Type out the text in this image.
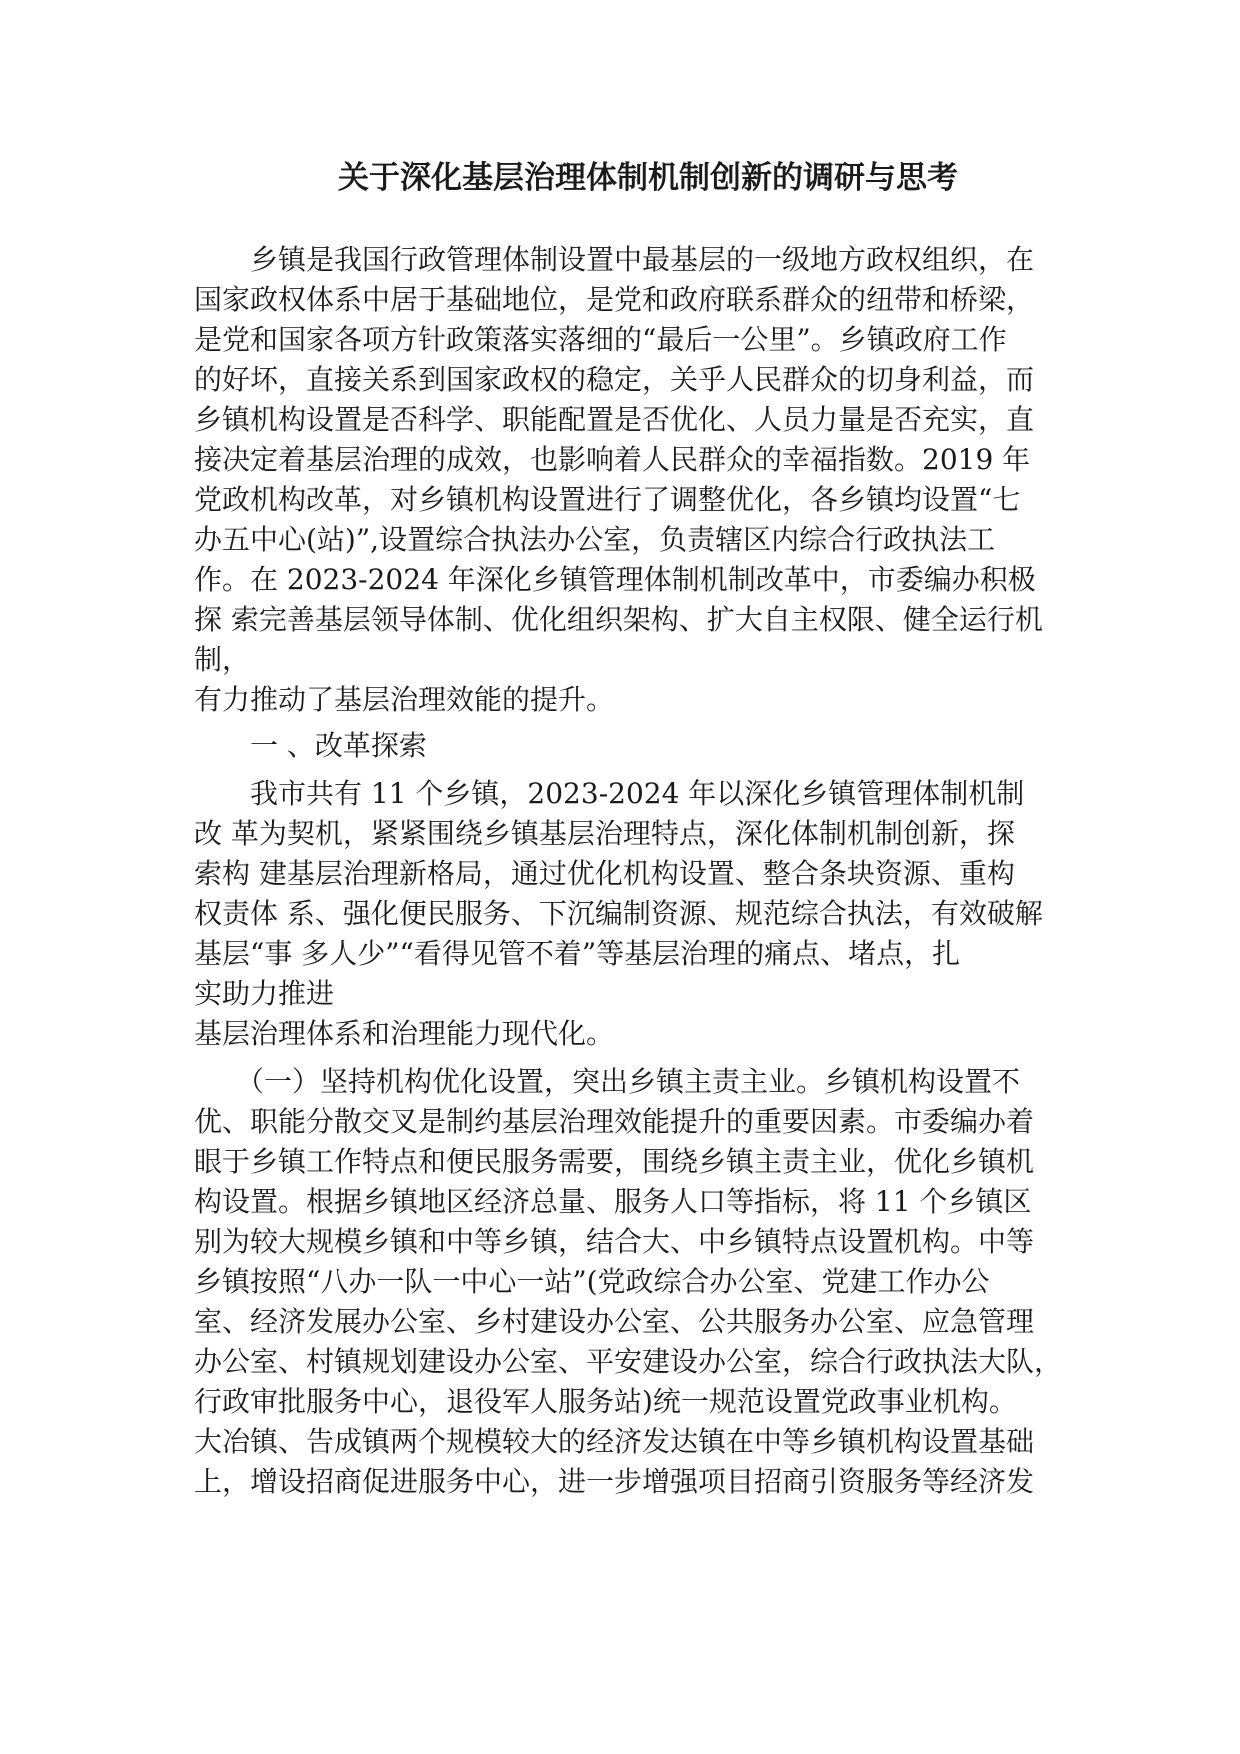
关于深化基层治理体制机制创新的调研与思考
　　乡镇是我国行政管理体制设置中最基层的一级地方政权组织，在
国家政权体系中居于基础地位，是党和政府联系群众的纽带和桥梁，
是党和国家各项方针政策落实落细的“最后一公里”。乡镇政府工作
的好坏，直接关系到国家政权的稳定，关乎人民群众的切身利益，而
乡镇机构设置是否科学、职能配置是否优化、人员力量是否充实，直
接决定着基层治理的成效，也影响着人民群众的幸福指数。2019 年
党政机构改革，对乡镇机构设置进行了调整优化，各乡镇均设置“七
办五中心(站)”,设置综合执法办公室，负责辖区内综合行政执法工
作。在 2023-2024 年深化乡镇管理体制机制改革中，市委编办积极
探 索完善基层领导体制、优化组织架构、扩大自主权限、健全运行机
制，
有力推动了基层治理效能的提升。
　　一 、改革探索
　　我市共有 11 个乡镇，2023-2024 年以深化乡镇管理体制机制
改 革为契机，紧紧围绕乡镇基层治理特点，深化体制机制创新，探
索构 建基层治理新格局，通过优化机构设置、整合条块资源、重构
权责体 系、强化便民服务、下沉编制资源、规范综合执法，有效破解
基层“事 多人少”“看得见管不着”等基层治理的痛点、堵点，扎
实助力推进
基层治理体系和治理能力现代化。
　　（一）坚持机构优化设置，突出乡镇主责主业。乡镇机构设置不
优、职能分散交叉是制约基层治理效能提升的重要因素。市委编办着
眼于乡镇工作特点和便民服务需要，围绕乡镇主责主业，优化乡镇机
构设置。根据乡镇地区经济总量、服务人口等指标，将 11 个乡镇区
别为较大规模乡镇和中等乡镇，结合大、中乡镇特点设置机构。中等
乡镇按照“八办一队一中心一站”(党政综合办公室、党建工作办公
室、经济发展办公室、乡村建设办公室、公共服务办公室、应急管理
办公室、村镇规划建设办公室、平安建设办公室，综合行政执法大队，
行政审批服务中心，退役军人服务站)统一规范设置党政事业机构。
大冶镇、告成镇两个规模较大的经济发达镇在中等乡镇机构设置基础
上，增设招商促进服务中心，进一步增强项目招商引资服务等经济发
